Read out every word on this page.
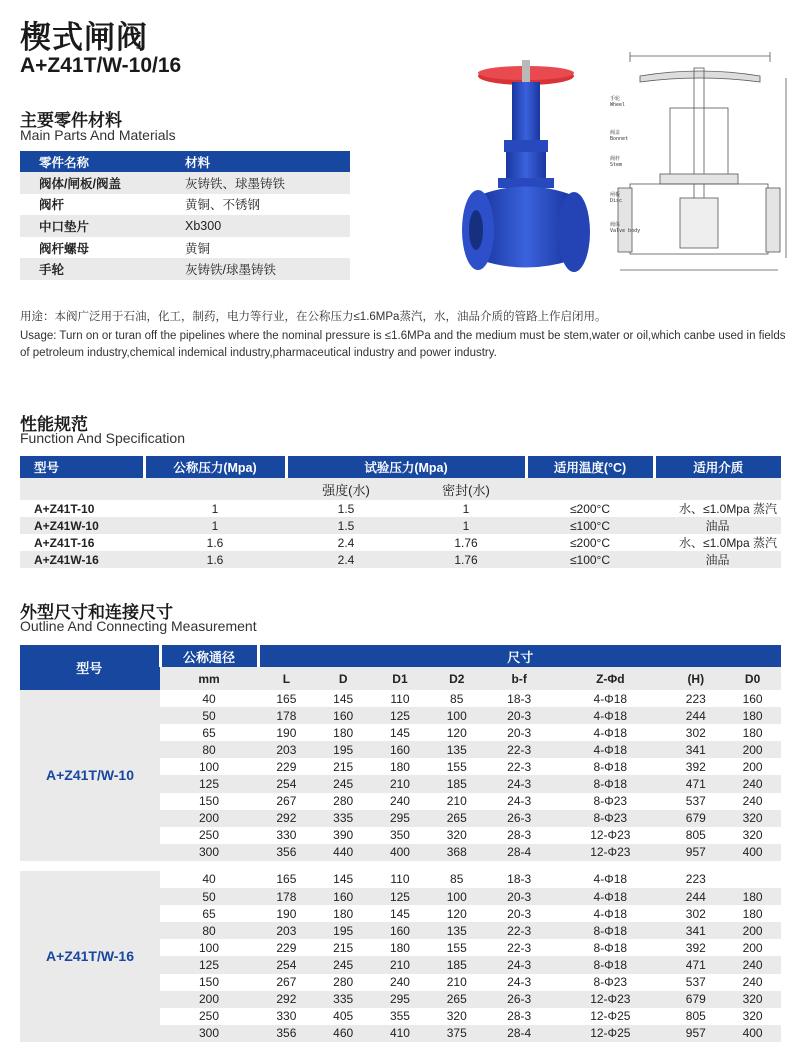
楔式闸阀
A+Z41T/W-10/16
主要零件材料
Main Parts And Materials
零件名称	材料
阀体/闸板/阀盖	灰铸铁、球墨铸铁
阀杆	黄铜、不锈钢
中口垫片	Xb300
阀杆螺母	黄铜
手轮	灰铸铁/球墨铸铁
手轮
Wheel
阀盖
Bonnet
阀杆
Stem
闸板
Disc
阀体
Valve body
用途：本阀广泛用于石油，化工，制药，电力等行业，在公称压力≤1.6MPa蒸汽，水，油品介质的管路上作启闭用。
Usage: Turn on or turan off the pipelines where the nominal pressure is ≤1.6MPa and the medium must be stem,water or oil,which canbe used in fields of petroleum industry,chemical indemical industry,pharmaceutical industry and power industry.
性能规范
Function And Specification
型号	公称压力(Mpa)	试验压力(Mpa)		适用温度(°C)	适用介质
		强度(水)	密封(水)		
A+Z41T-10	1	1.5	1	≤200°C	水、≤1.0Mpa 蒸汽
A+Z41W-10	1	1.5	1	≤100°C	油品
A+Z41T-16	1.6	2.4	1.76	≤200°C	水、≤1.0Mpa 蒸汽
A+Z41W-16	1.6	2.4	1.76	≤100°C	油品
外型尺寸和连接尺寸
Outline And Connecting Measurement
型号	公称通径	尺寸							
	mm	L	D	D1	D2	b-f	Z-Φd	(H)	D0
A+Z41T/W-10	40	165	145	110	85	18-3	4-Φ18	223	160
	50	178	160	125	100	20-3	4-Φ18	244	180
	65	190	180	145	120	20-3	4-Φ18	302	180
	80	203	195	160	135	22-3	4-Φ18	341	200
	100	229	215	180	155	22-3	8-Φ18	392	200
	125	254	245	210	185	24-3	8-Φ18	471	240
	150	267	280	240	210	24-3	8-Φ23	537	240
	200	292	335	295	265	26-3	8-Φ23	679	320
	250	330	390	350	320	28-3	12-Φ23	805	320
	300	356	440	400	368	28-4	12-Φ23	957	400

A+Z41T/W-16	40	165	145	110	85	18-3	4-Φ18	223	
	50	178	160	125	100	20-3	4-Φ18	244	180
	65	190	180	145	120	20-3	4-Φ18	302	180
	80	203	195	160	135	22-3	8-Φ18	341	200
	100	229	215	180	155	22-3	8-Φ18	392	200
	125	254	245	210	185	24-3	8-Φ18	471	240
	150	267	280	240	210	24-3	8-Φ23	537	240
	200	292	335	295	265	26-3	12-Φ23	679	320
	250	330	405	355	320	28-3	12-Φ25	805	320
	300	356	460	410	375	28-4	12-Φ25	957	400
